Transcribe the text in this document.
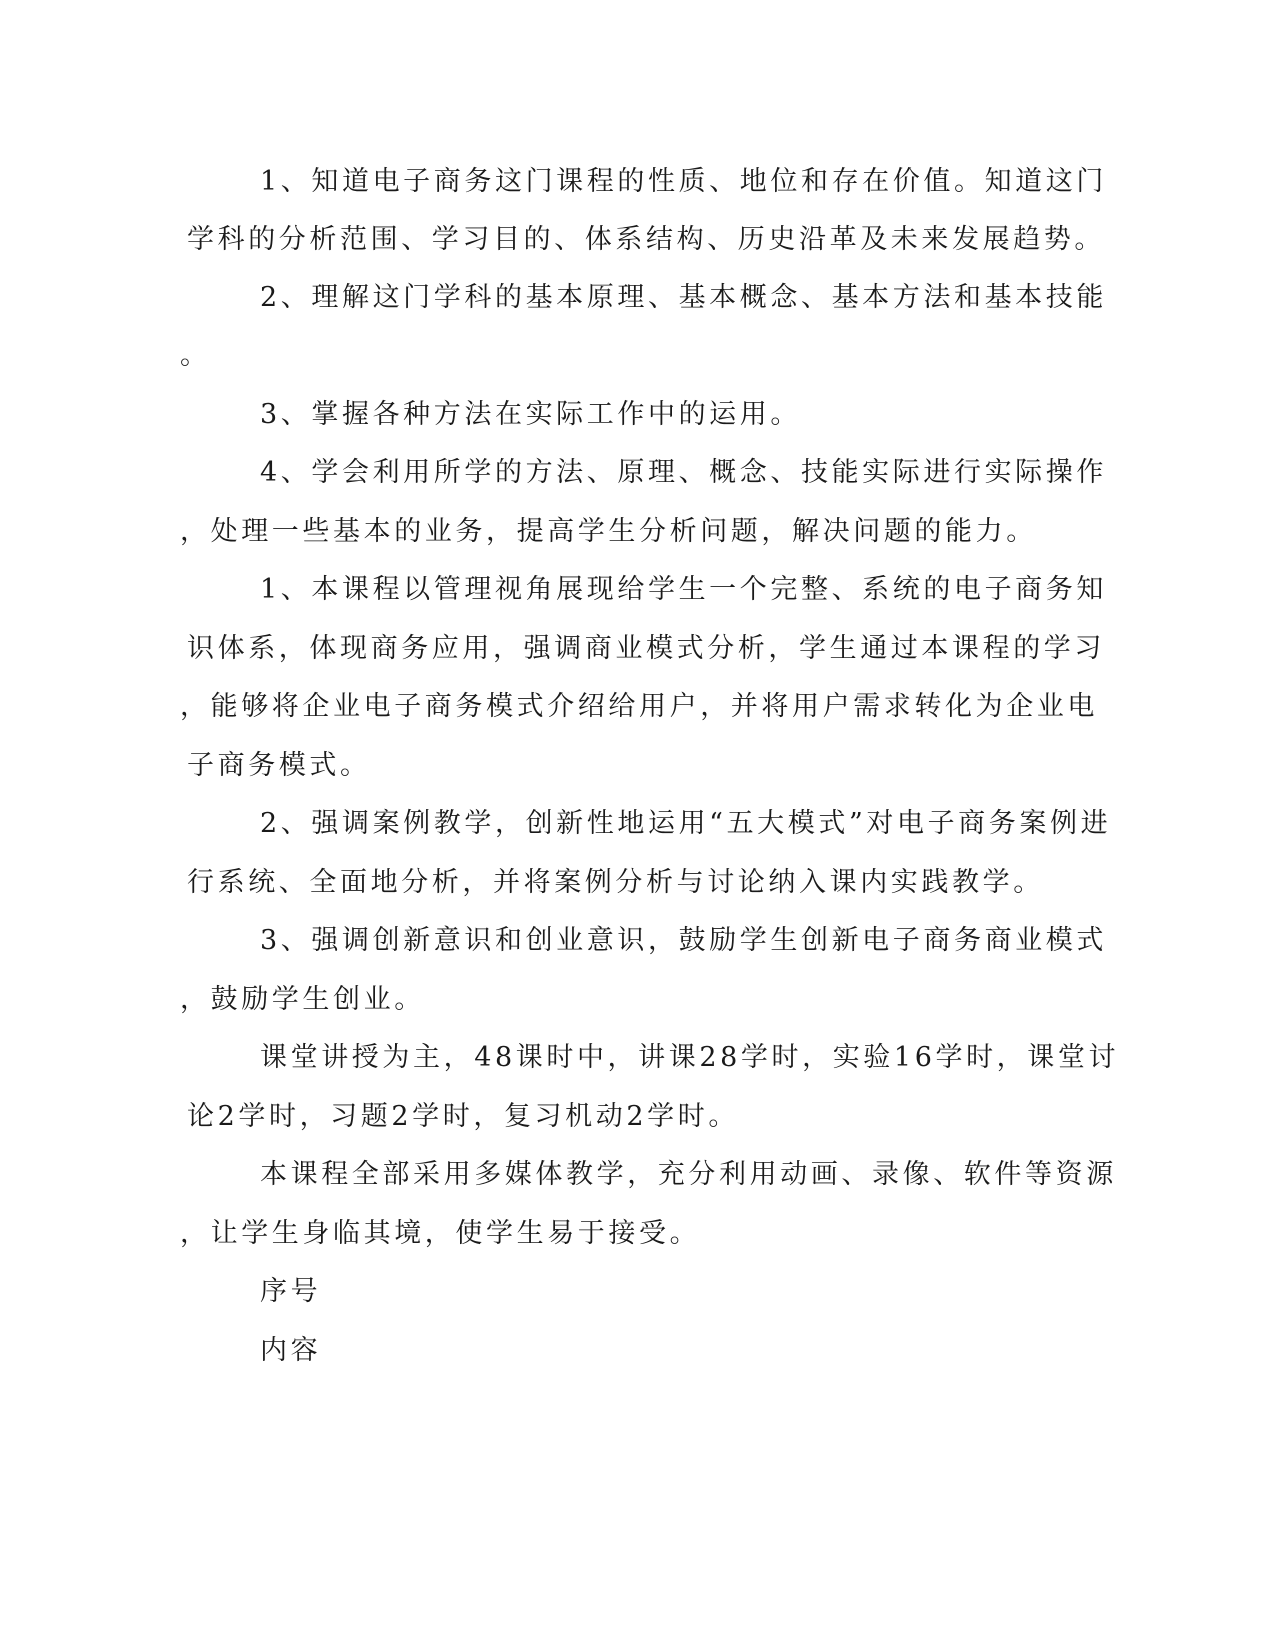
1、知道电子商务这门课程的性质、地位和存在价值。知道这门
学科的分析范围、学习目的、体系结构、历史沿革及未来发展趋势。
2、理解这门学科的基本原理、基本概念、基本方法和基本技能
。
3、掌握各种方法在实际工作中的运用。
4、学会利用所学的方法、原理、概念、技能实际进行实际操作
，处理一些基本的业务，提高学生分析问题，解决问题的能力。
1、本课程以管理视角展现给学生一个完整、系统的电子商务知
识体系，体现商务应用，强调商业模式分析，学生通过本课程的学习
，能够将企业电子商务模式介绍给用户，并将用户需求转化为企业电
子商务模式。
2、强调案例教学，创新性地运用“五大模式”对电子商务案例进
行系统、全面地分析，并将案例分析与讨论纳入课内实践教学。
3、强调创新意识和创业意识，鼓励学生创新电子商务商业模式
，鼓励学生创业。
课堂讲授为主，48课时中，讲课28学时，实验16学时，课堂讨
论2学时，习题2学时，复习机动2学时。
本课程全部采用多媒体教学，充分利用动画、录像、软件等资源
，让学生身临其境，使学生易于接受。
序号
内容
